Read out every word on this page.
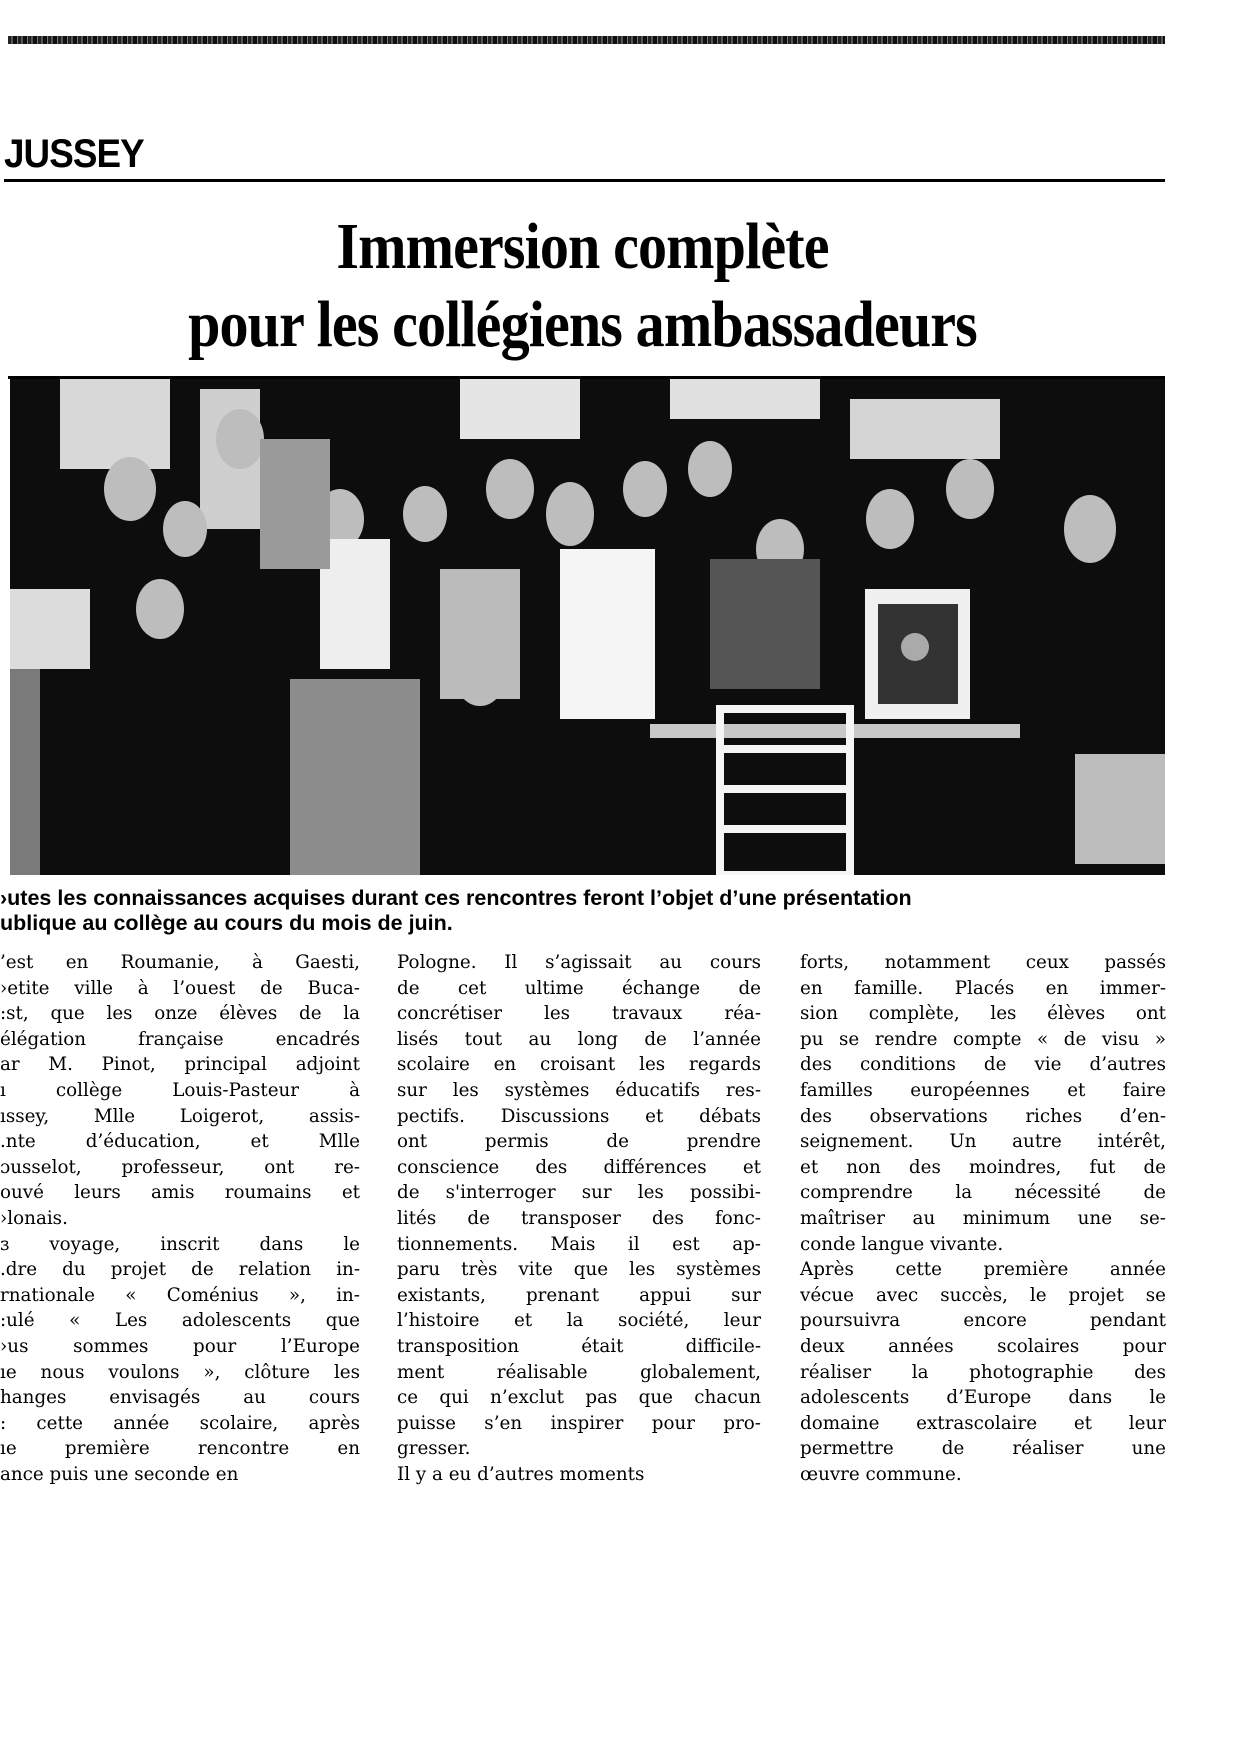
JUSSEY
Immersion complète
pour les collégiens ambassadeurs
›utes les connaissances acquises durant ces rencontres feront l’objet d’une présentation
ublique au collège au cours du mois de juin.
’est en Roumanie, à Gaesti,
›etite ville à l’ouest de Buca-
:st, que les onze élèves de la
élégation française encadrés
ar M. Pinot, principal adjoint
ı collège Louis-Pasteur à
ıssey, Mlle Loigerot, assis-
.nte d’éducation, et Mlle
ɔusselot, professeur, ont re-
ouvé leurs amis roumains et
›lonais.
ɜ voyage, inscrit dans le
.dre du projet de relation in-
rnationale « Coménius », in-
:ulé « Les adolescents que
›us sommes pour l’Europe
ıe nous voulons », clôture les
hanges envisagés au cours
: cette année scolaire, après
ıe première rencontre en
ance puis une seconde en
Pologne. Il s’agissait au cours
de cet ultime échange de
concrétiser les travaux réa-
lisés tout au long de l’année
scolaire en croisant les regards
sur les systèmes éducatifs res-
pectifs. Discussions et débats
ont permis de prendre
conscience des différences et
de s'interroger sur les possibi-
lités de transposer des fonc-
tionnements. Mais il est ap-
paru très vite que les systèmes
existants, prenant appui sur
l’histoire et la société, leur
transposition était difficile-
ment réalisable globalement,
ce qui n’exclut pas que chacun
puisse s’en inspirer pour pro-
gresser.
Il y a eu d’autres moments
forts, notamment ceux passés
en famille. Placés en immer-
sion complète, les élèves ont
pu se rendre compte « de visu »
des conditions de vie d’autres
familles européennes et faire
des observations riches d’en-
seignement. Un autre intérêt,
et non des moindres, fut de
comprendre la nécessité de
maîtriser au minimum une se-
conde langue vivante.
Après cette première année
vécue avec succès, le projet se
poursuivra encore pendant
deux années scolaires pour
réaliser la photographie des
adolescents d’Europe dans le
domaine extrascolaire et leur
permettre de réaliser une
œuvre commune.
